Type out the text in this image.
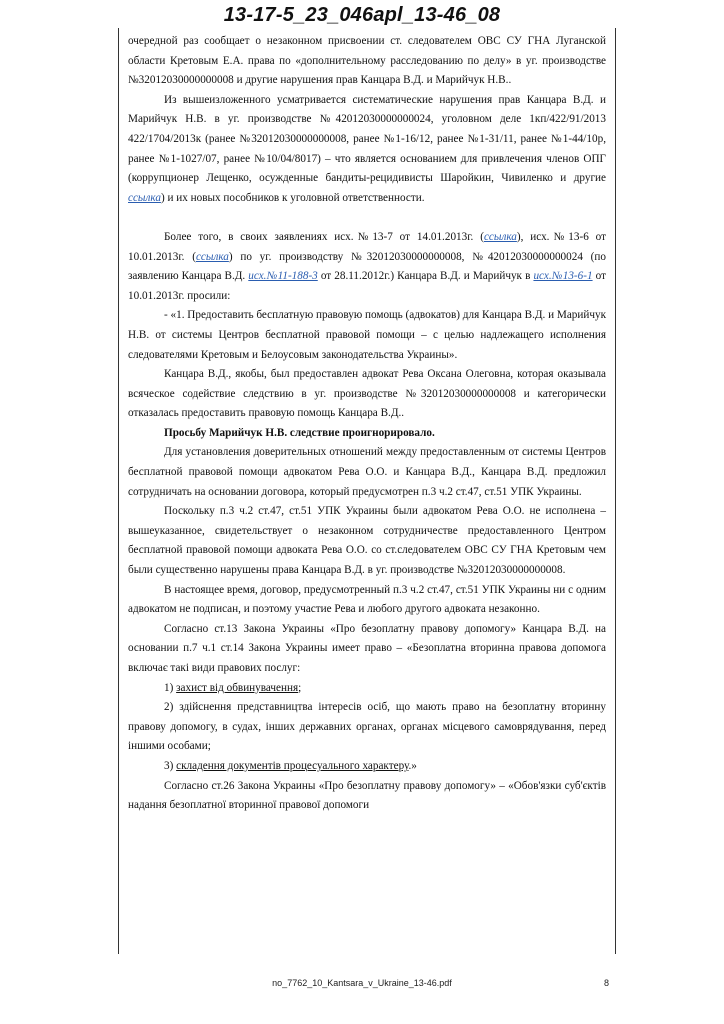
13-17-5_23_046apl_13-46_08

очередной раз сообщает о незаконном присвоении ст. следователем ОВС СУ ГНА Луганской области Кретовым Е.А. права по «дополнительному расследованию по делу» в уг. производстве №32012030000000008 и другие нарушения прав Канцара В.Д. и Марийчук Н.В..

Из вышеизложенного усматривается систематические нарушения прав Канцара В.Д. и Марийчук Н.В. в уг. производстве №42012030000000024, уголовном деле 1кп/422/91/2013 422/1704/2013к (ранее №32012030000000008, ранее №1-16/12, ранее №1-31/11, ранее №1-44/10р, ранее №1-1027/07, ранее №10/04/8017) – что является основанием для привлечения членов ОПГ (коррупционер Лещенко, осужденные бандиты-рецидивисты Шаройкин, Чивиленко и другие ссылка) и их новых пособников к уголовной ответственности.

Более того, в своих заявлениях исх.№13-7 от 14.01.2013г. (ссылка), исх.№13-6 от 10.01.2013г. (ссылка) по уг. производству №32012030000000008, №42012030000000024 (по заявлению Канцара В.Д. исх.№11-188-3 от 28.11.2012г.) Канцара В.Д. и Марийчук в исх.№13-6-1 от 10.01.2013г. просили:

- «1. Предоставить бесплатную правовую помощь (адвокатов) для Канцара В.Д. и Марийчук Н.В. от системы Центров бесплатной правовой помощи – с целью надлежащего исполнения следователями Кретовым и Белоусовым законодательства Украины».

Канцара В.Д., якобы, был предоставлен адвокат Рева Оксана Олеговна, которая оказывала всяческое содействие следствию в уг. производстве №32012030000000008 и категорически отказалась предоставить правовую помощь Канцара В.Д..

Просьбу Марийчук Н.В. следствие проигнорировало.

Для установления доверительных отношений между предоставленным от системы Центров бесплатной правовой помощи адвокатом Рева О.О. и Канцара В.Д., Канцара В.Д. предложил сотрудничать на основании договора, который предусмотрен п.3 ч.2 ст.47, ст.51 УПК Украины.

Поскольку п.3 ч.2 ст.47, ст.51 УПК Украины были адвокатом Рева О.О. не исполнена – вышеуказанное, свидетельствует о незаконном сотрудничестве предоставленного Центром бесплатной правовой помощи адвоката Рева О.О. со ст.следователем ОВС СУ ГНА Кретовым чем были существенно нарушены права Канцара В.Д. в уг. производстве №32012030000000008.

В настоящее время, договор, предусмотренный п.3 ч.2 ст.47, ст.51 УПК Украины ни с одним адвокатом не подписан, и поэтому участие Рева и любого другого адвоката незаконно.

Согласно ст.13 Закона Украины «Про безоплатну правову допомогу» Канцара В.Д. на основании п.7 ч.1 ст.14 Закона Украины имеет право – «Безоплатна вторинна правова допомога включає такі види правових послуг:

1) захист від обвинувачення;

2) здійснення представництва інтересів осіб, що мають право на безоплатну вторинну правову допомогу, в судах, інших державних органах, органах місцевого самоврядування, перед іншими особами;

3) складення документів процесуального характеру.»

Согласно ст.26 Закона Украины «Про безоплатну правову допомогу» – «Обов'язки суб'єктів надання безоплатної вторинної правової допомоги

no_7762_10_Kantsara_v_Ukraine_13-46.pdf	8
